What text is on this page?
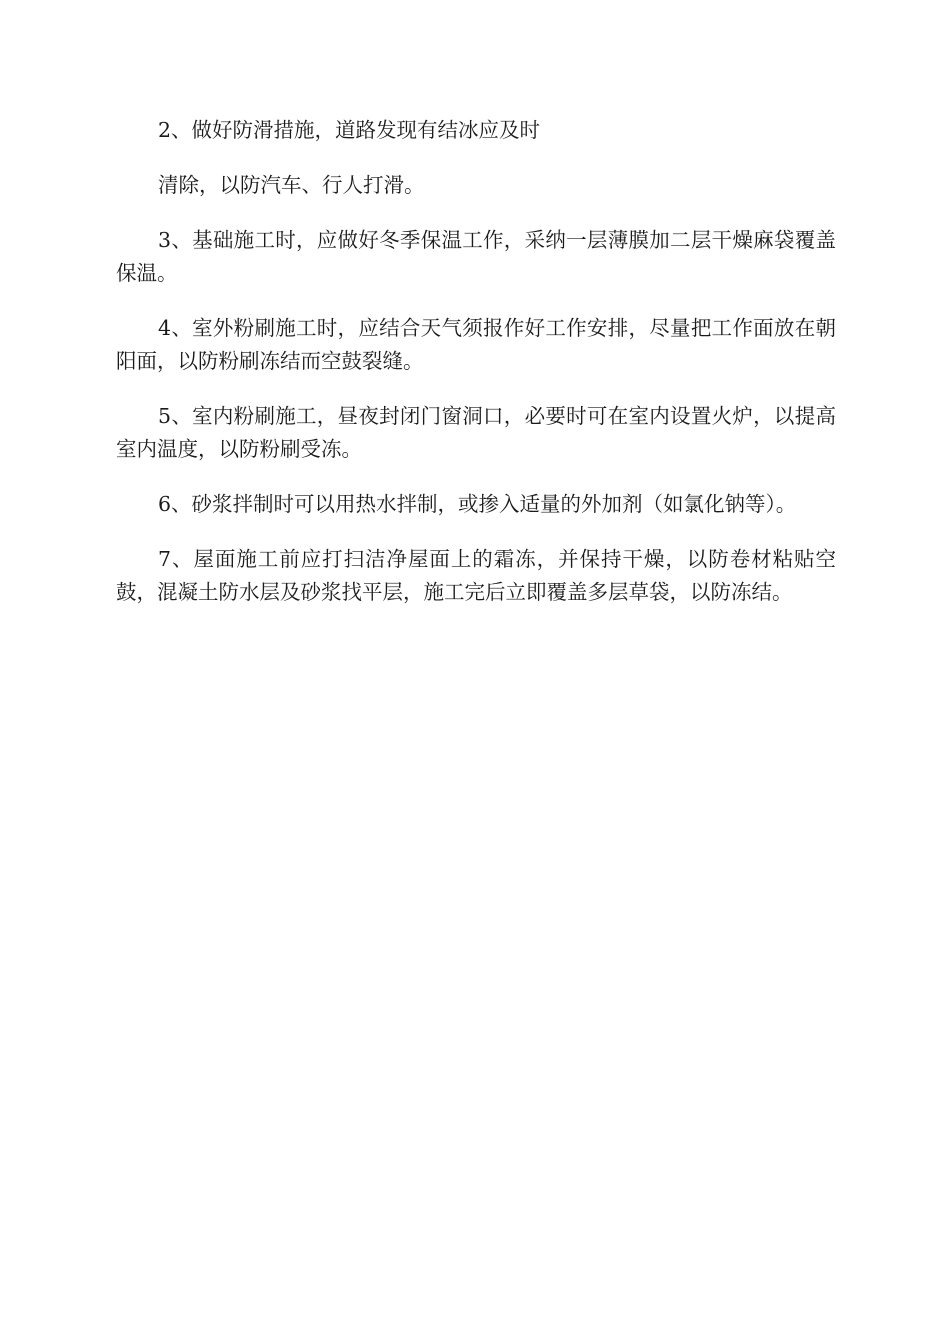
2、做好防滑措施，道路发现有结冰应及时

清除，以防汽车、行人打滑。

3、基础施工时，应做好冬季保温工作，采纳一层薄膜加二层干燥麻袋覆盖保温。

4、室外粉刷施工时，应结合天气须报作好工作安排，尽量把工作面放在朝阳面，以防粉刷冻结而空鼓裂缝。

5、室内粉刷施工，昼夜封闭门窗洞口，必要时可在室内设置火炉，以提高室内温度，以防粉刷受冻。

6、砂浆拌制时可以用热水拌制，或掺入适量的外加剂（如氯化钠等）。

7、屋面施工前应打扫洁净屋面上的霜冻，并保持干燥，以防卷材粘贴空鼓，混凝土防水层及砂浆找平层，施工完后立即覆盖多层草袋，以防冻结。
